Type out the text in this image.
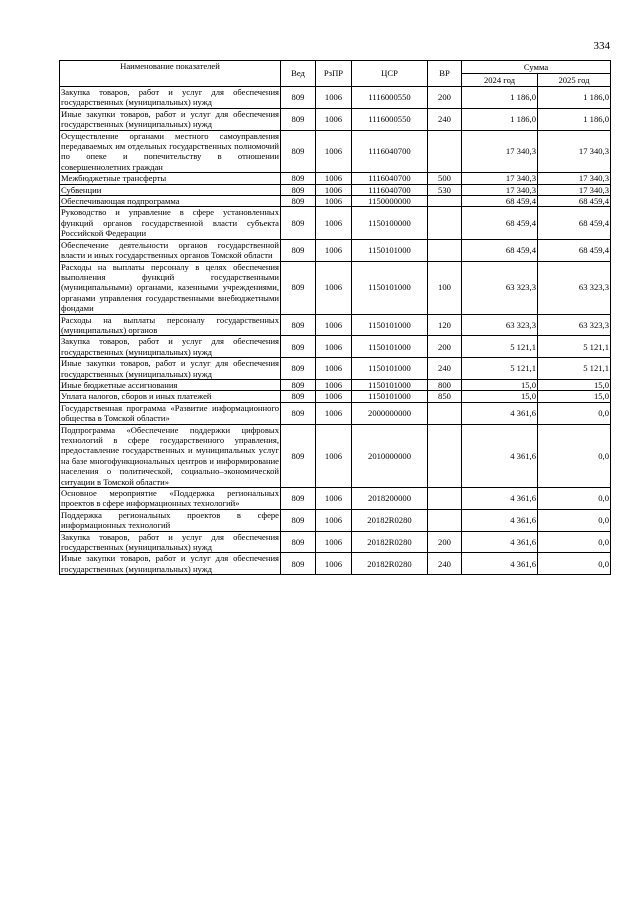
334
Наименование показателей	Вед	РзПР	ЦСР	ВР	Сумма	
					2024 год	2025 год
Закупка товаров, работ и услуг для обеспечения государственных (муниципальных) нужд	809	1006	1116000550	200	1 186,0	1 186,0
Иные закупки товаров, работ и услуг для обеспечения государственных (муниципальных) нужд	809	1006	1116000550	240	1 186,0	1 186,0
Осуществление органами местного самоуправления передаваемых им отдельных государственных полномочий по опеке и попечительству в отношении совершеннолетних граждан	809	1006	1116040700		17 340,3	17 340,3
Межбюджетные трансферты	809	1006	1116040700	500	17 340,3	17 340,3
Субвенции	809	1006	1116040700	530	17 340,3	17 340,3
Обеспечивающая подпрограмма	809	1006	1150000000		68 459,4	68 459,4
Руководство и управление в сфере установленных функций органов государственной власти субъекта Российской Федерации	809	1006	1150100000		68 459,4	68 459,4
Обеспечение деятельности органов государственной власти и иных государственных органов Томской области	809	1006	1150101000		68 459,4	68 459,4
Расходы на выплаты персоналу в целях обеспечения выполнения функций государственными (муниципальными) органами, казенными учреждениями, органами управления государственными внебюджетными фондами	809	1006	1150101000	100	63 323,3	63 323,3
Расходы на выплаты персоналу государственных (муниципальных) органов	809	1006	1150101000	120	63 323,3	63 323,3
Закупка товаров, работ и услуг для обеспечения государственных (муниципальных) нужд	809	1006	1150101000	200	5 121,1	5 121,1
Иные закупки товаров, работ и услуг для обеспечения государственных (муниципальных) нужд	809	1006	1150101000	240	5 121,1	5 121,1
Иные бюджетные ассигнования	809	1006	1150101000	800	15,0	15,0
Уплата налогов, сборов и иных платежей	809	1006	1150101000	850	15,0	15,0
Государственная программа «Развитие информационного общества в Томской области»	809	1006	2000000000		4 361,6	0,0
Подпрограмма «Обеспечение поддержки цифровых технологий в сфере государственного управления, предоставление государственных и муниципальных услуг на базе многофункциональных центров и информирование населения о политической, социально–экономической ситуации в Томской области»	809	1006	2010000000		4 361,6	0,0
Основное мероприятие «Поддержка региональных проектов в сфере информационных технологий»	809	1006	2018200000		4 361,6	0,0
Поддержка региональных проектов в сфере информационных технологий	809	1006	20182R0280		4 361,6	0,0
Закупка товаров, работ и услуг для обеспечения государственных (муниципальных) нужд	809	1006	20182R0280	200	4 361,6	0,0
Иные закупки товаров, работ и услуг для обеспечения государственных (муниципальных) нужд	809	1006	20182R0280	240	4 361,6	0,0
